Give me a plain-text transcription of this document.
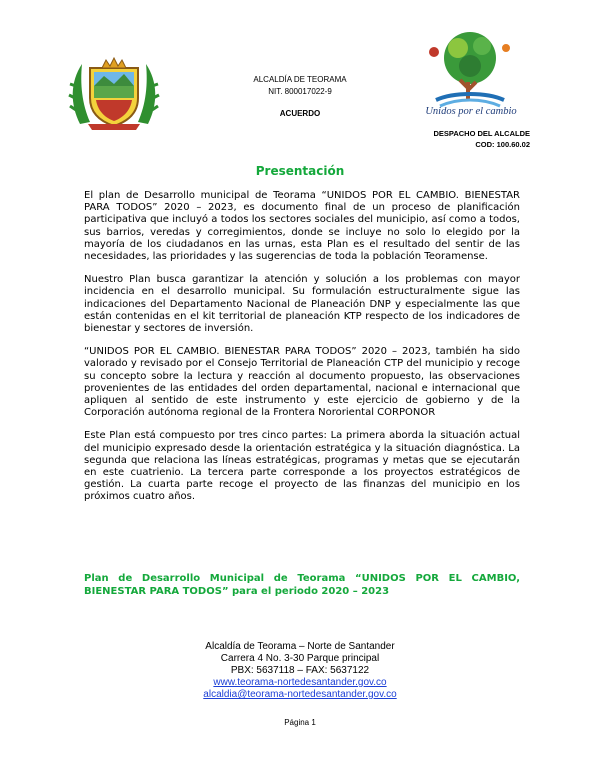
ALCALDÍA DE TEORAMA
NIT. 800017022-9
ACUERDO	Unidos por el cambio
DESPACHO DEL ALCALDE
COD: 100.60.02
Presentación

El plan de Desarrollo municipal de Teorama “UNIDOS POR EL CAMBIO. BIENESTAR PARA TODOS” 2020 – 2023, es documento final de un proceso de planificación participativa que incluyó a todos los sectores sociales del municipio, así como a todos, sus barrios, veredas y corregimientos, donde se incluye no solo lo elegido por la mayoría de los ciudadanos en las urnas, esta Plan es el resultado del sentir de las necesidades, las prioridades y las sugerencias de toda la población Teoramense.

Nuestro Plan busca garantizar la atención y solución a los problemas con mayor incidencia en el desarrollo municipal. Su formulación estructuralmente sigue las indicaciones del Departamento Nacional de Planeación DNP y especialmente las que están contenidas en el kit territorial de planeación KTP respecto de los indicadores de bienestar y sectores de inversión.

“UNIDOS POR EL CAMBIO. BIENESTAR PARA TODOS” 2020 – 2023, también ha sido valorado y revisado por el Consejo Territorial de Planeación CTP del municipio y recoge su concepto sobre la lectura y reacción al documento propuesto, las observaciones provenientes de las entidades del orden departamental, nacional e internacional que apliquen al sentido de este instrumento y este ejercicio de gobierno y de la Corporación autónoma regional de la Frontera Nororiental CORPONOR

Este Plan está compuesto por tres cinco partes: La primera aborda la situación actual del municipio expresado desde la orientación estratégica y la situación diagnóstica. La segunda que relaciona las líneas estratégicas, programas y metas que se ejecutarán en este cuatrienio. La tercera parte corresponde a los proyectos estratégicos de gestión. La cuarta parte recoge el proyecto de las finanzas del municipio en los próximos cuatro años.

Plan de Desarrollo Municipal de Teorama “UNIDOS POR EL CAMBIO, BIENESTAR PARA TODOS” para el periodo 2020 – 2023
Alcaldía de Teorama – Norte de Santander
Carrera 4 No. 3-30 Parque principal
PBX: 5637118 – FAX: 5637122
www.teorama-nortedesantander.gov.co
alcaldia@teorama-nortedesantander.gov.co
Página 1
